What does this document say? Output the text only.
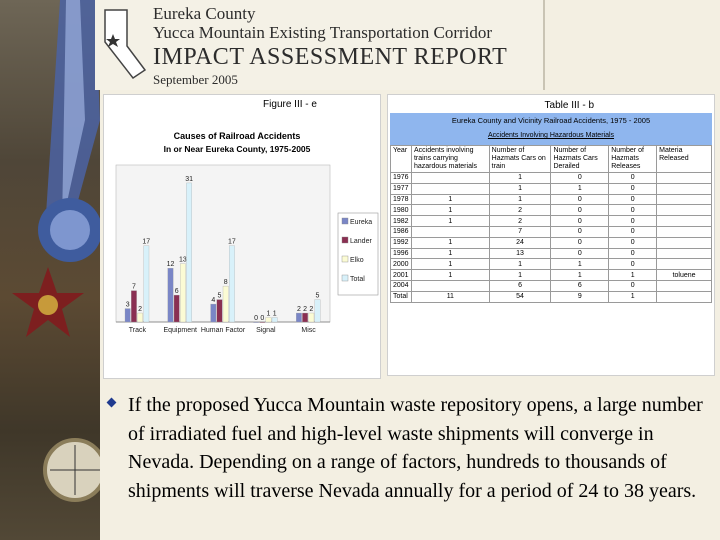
Eureka County
Yucca Mountain Existing Transportation Corridor
IMPACT ASSESSMENT REPORT
September 2005
Figure III - e
Causes of Railroad Accidents
In or Near Eureka County, 1975-2005
3
7
2
17
Track
12
6
13
31
Equipment
4
5
8
17
Human Factor
0 0
1 1
Signal
2 2 2
5
Misc
Eureka
Lander
Elko
Total
Table III - b
Eureka County and Vicinity Railroad Accidents, 1975 - 2005
Accidents Involving Hazardous Materials
Year	Accidents involving trains carrying hazardous materials	Number of Hazmats Cars on train	Number of Hazmats Cars Derailed	Number of Hazmats Releases	Materia Released
1976		1	0	0	
1977		1	1	0	
1978	1	1	0	0	
1980	1	2	0	0	
1982	1	2	0	0	
1986		7	0	0	
1992	1	24	0	0	
1996	1	13	0	0	
2000	1	1	1	0	
2001	1	1	1	1	toluene
2004		6	6	0	
Total	11	54	9	1	
If the proposed Yucca Mountain waste repository opens, a large number of irradiated fuel and high-level waste shipments will converge in Nevada. Depending on a range of factors, hundreds to thousands of shipments will traverse Nevada annually for a period of 24 to 38 years.
